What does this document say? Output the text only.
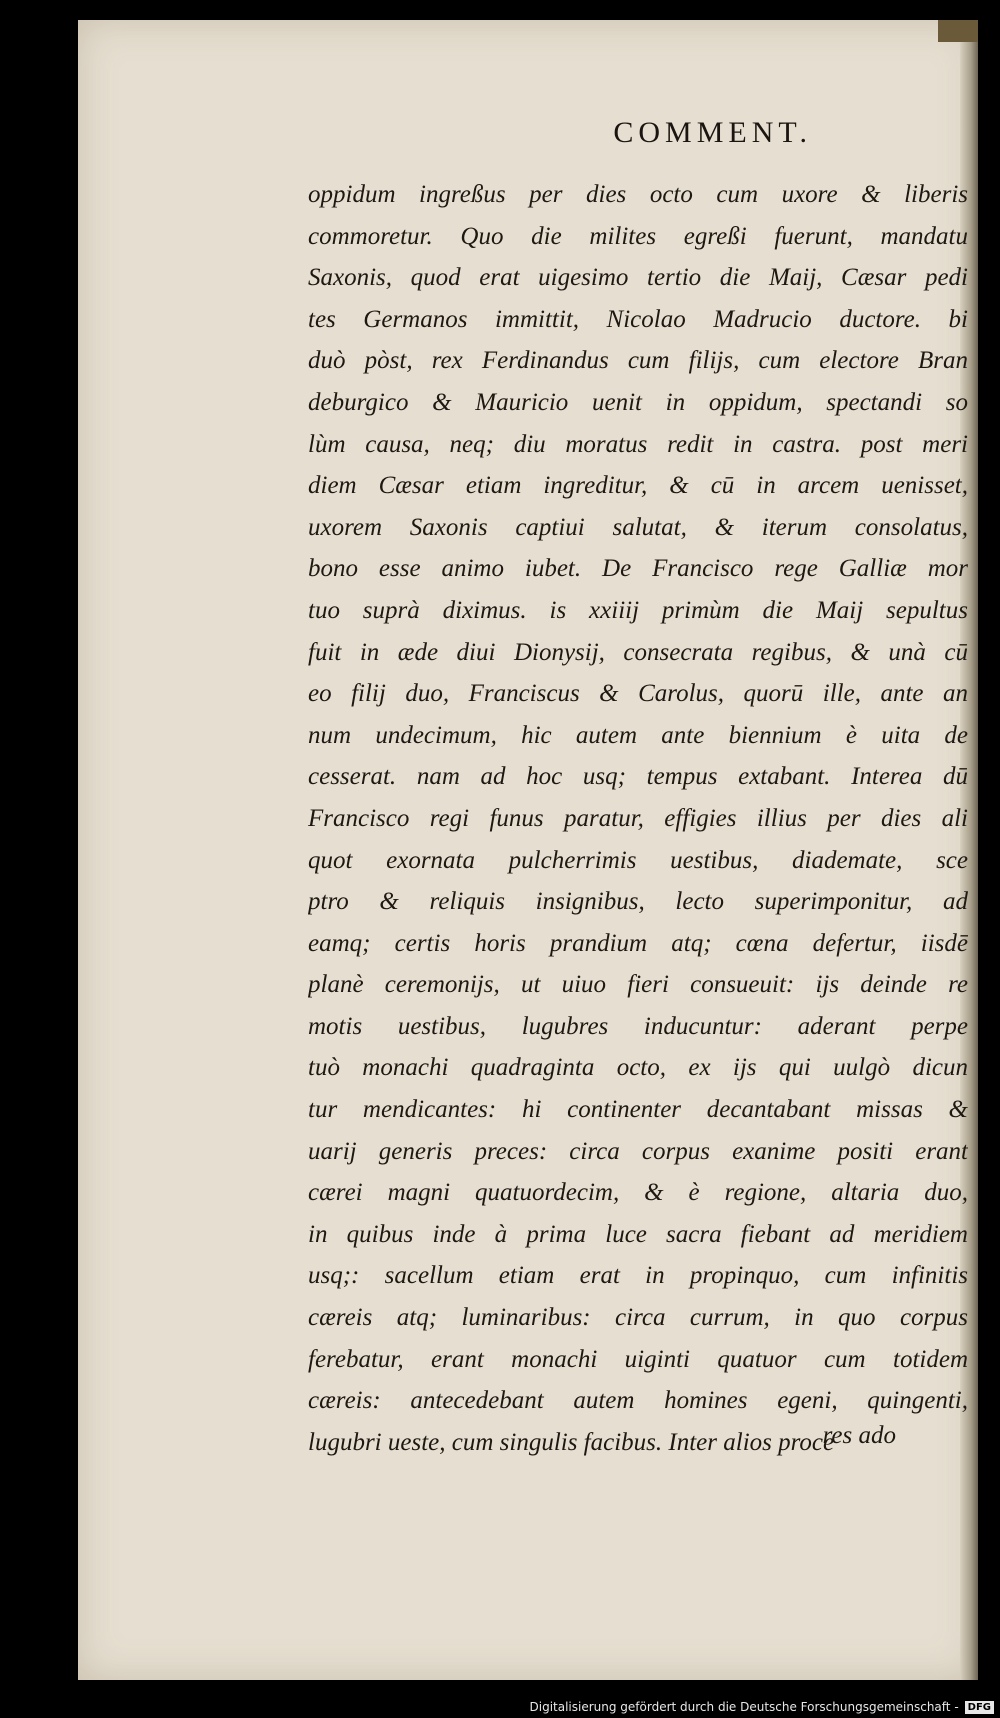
COMMENT.
oppidum ingreßus per dies octo cum uxore & liberis
commoretur. Quo die milites egreßi fuerunt, mandatu
Saxonis, quod erat uigesimo tertio die Maij, Cæsar pedi
tes Germanos immittit, Nicolao Madrucio ductore. bi
duò pòst, rex Ferdinandus cum filijs, cum electore Bran
deburgico & Mauricio uenit in oppidum, spectandi so
lùm causa, neq; diu moratus redit in castra. post meri
diem Cæsar etiam ingreditur, & cū in arcem uenisset,
uxorem Saxonis captiui salutat, & iterum consolatus,
bono esse animo iubet. De Francisco rege Galliæ mor
tuo suprà diximus. is xxiiij primùm die Maij sepultus
fuit in æde diui Dionysij, consecrata regibus, & unà cū
eo filij duo, Franciscus & Carolus, quorū ille, ante an
num undecimum, hic autem ante biennium è uita de
cesserat. nam ad hoc usq; tempus extabant. Interea dū
Francisco regi funus paratur, effigies illius per dies ali
quot exornata pulcherrimis uestibus, diademate, sce
ptro & reliquis insignibus, lecto superimponitur, ad
eamq; certis horis prandium atq; cœna defertur, iisdē
planè ceremonijs, ut uiuo fieri consueuit: ijs deinde re
motis uestibus, lugubres inducuntur: aderant perpe
tuò monachi quadraginta octo, ex ijs qui uulgò dicun
tur mendicantes: hi continenter decantabant missas &
uarij generis preces: circa corpus exanime positi erant
cærei magni quatuordecim, & è regione, altaria duo,
in quibus inde à prima luce sacra fiebant ad meridiem
usq;: sacellum etiam erat in propinquo, cum infinitis
cæreis atq; luminaribus: circa currum, in quo corpus
ferebatur, erant monachi uiginti quatuor cum totidem
cæreis: antecedebant autem homines egeni, quingenti,
lugubri ueste, cum singulis facibus. Inter alios proce
res ado
Digitalisierung gefördert durch die Deutsche Forschungsgemeinschaft - DFG
